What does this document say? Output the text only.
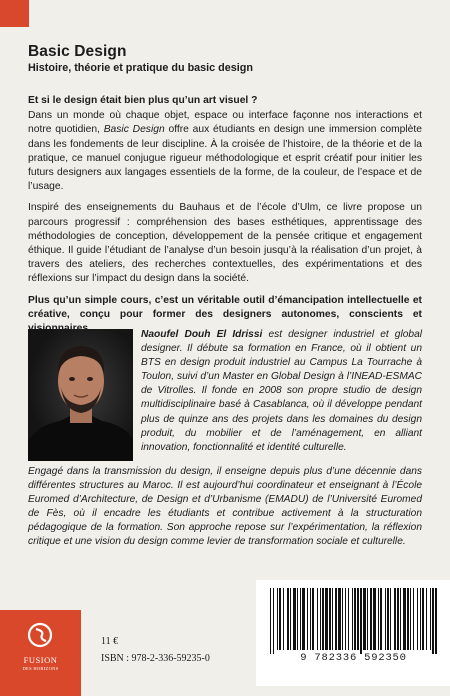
Basic Design
Histoire, théorie et pratique du basic design

Et si le design était bien plus qu’un art visuel ?

Dans un monde où chaque objet, espace ou interface façonne nos interactions et notre quotidien, Basic Design offre aux étudiants en design une immersion complète dans les fondements de leur discipline. À la croisée de l’histoire, de la théorie et de la pratique, ce manuel conjugue rigueur méthodologique et esprit créatif pour initier les futurs designers aux langages essentiels de la forme, de la couleur, de l’espace et de l’usage.

Inspiré des enseignements du Bauhaus et de l’école d’Ulm, ce livre propose un parcours progressif : compréhension des bases esthétiques, apprentissage des méthodologies de conception, développement de la pensée critique et engagement éthique. Il guide l’étudiant de l’analyse d’un besoin jusqu’à la réalisation d’un projet, à travers des ateliers, des recherches contextuelles, des expérimentations et des réflexions sur l’impact du design dans la société.

Plus qu’un simple cours, c’est un véritable outil d’émancipation intellectuelle et créative, conçu pour former des designers autonomes, conscients et

Naoufel Douh El Idrissi est designer industriel et global designer. Il débute sa formation en France, où il obtient un BTS en design produit industriel au Campus La Tourrache à Toulon, suivi d’un Master en Global Design à l’INEAD-ESMAC de Vitrolles. Il fonde en 2008 son propre studio de design multidisciplinaire basé à Casablanca, où il développe pendant plus de quinze ans des projets dans les domaines du design produit, du mobilier et de l’aménagement, en alliant innovation, fonctionnalité et identité culturelle.

Engagé dans la transmission du design, il enseigne depuis plus d’une décennie dans différentes structures au Maroc. Il est aujourd’hui coordinateur et enseignant à l’École Euromed d’Architecture, de Design et d’Urbanisme (EMADU) de l’Université Euromed de Fès, où il encadre les étudiants et contribue activement à la structuration pédagogique de la formation. Son approche repose sur l’expérimentation, la réflexion critique et une vision du design comme levier de transformation sociale et culturelle.

FUSION
DES HORIZONS
11 €
ISBN : 978-2-336-59235-0	9 782336 592350
